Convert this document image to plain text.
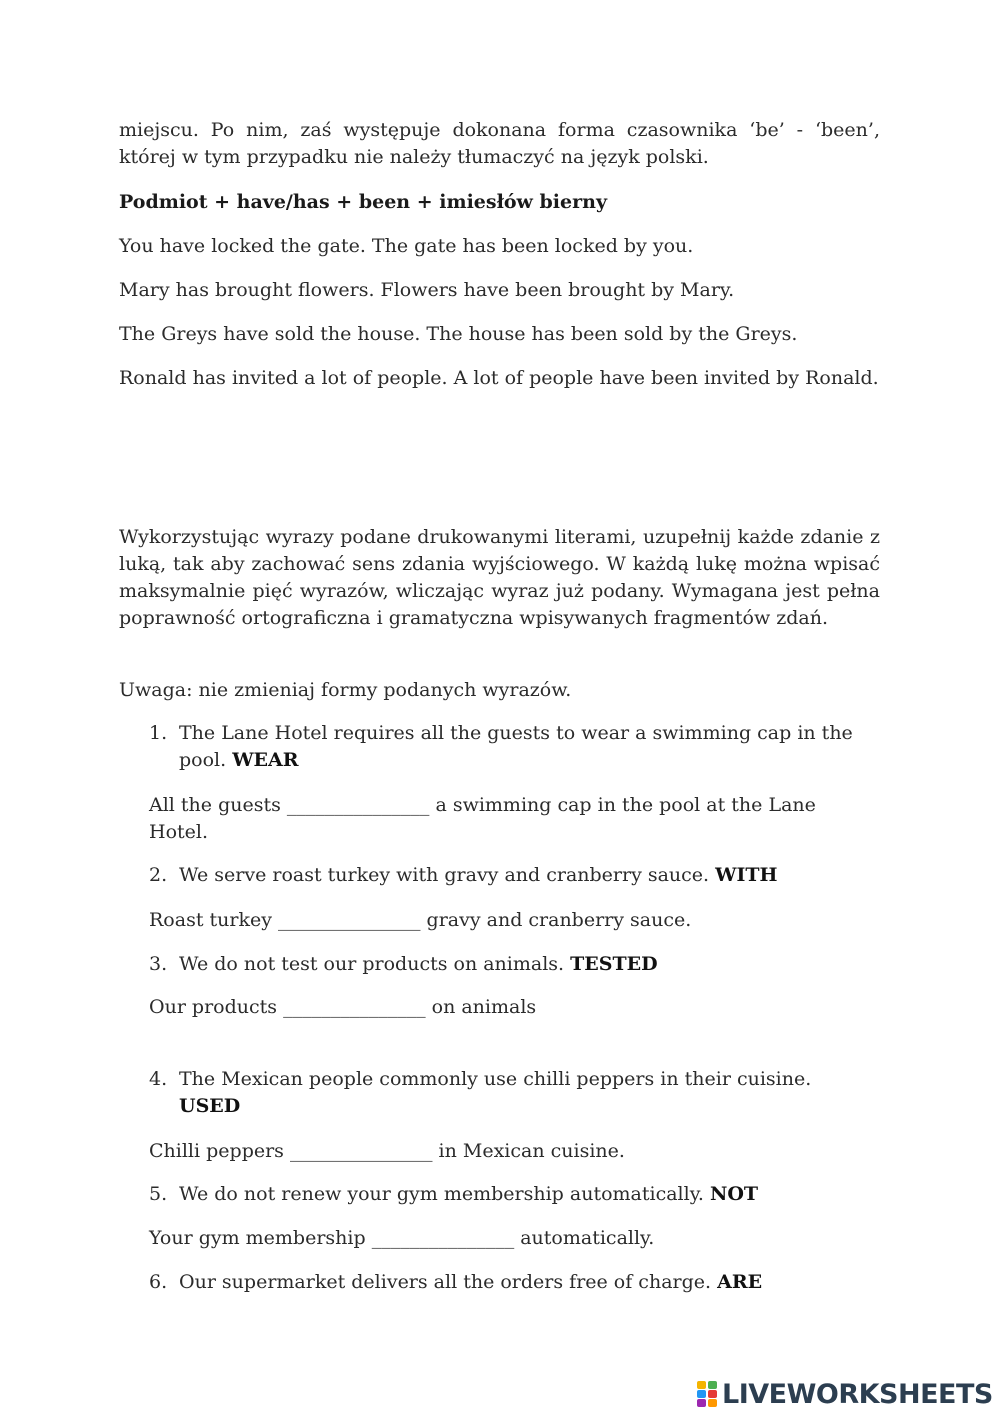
miejscu. Po nim, zaś występuje dokonana forma czasownika ‘be’ - ‘been’, której w tym przypadku nie należy tłumaczyć na język polski.

Podmiot + have/has + been + imiesłów bierny

You have locked the gate. The gate has been locked by you.

Mary has brought flowers. Flowers have been brought by Mary.

The Greys have sold the house. The house has been sold by the Greys.

Ronald has invited a lot of people. A lot of people have been invited by Ronald.

Wykorzystując wyrazy podane drukowanymi literami, uzupełnij każde zdanie z luką, tak aby zachować sens zdania wyjściowego. W każdą lukę można wpisać maksymalnie pięć wyrazów, wliczając wyraz już podany. Wymagana jest pełna poprawność ortograficzna i gramatyczna wpisywanych fragmentów zdań.

Uwaga: nie zmieniaj formy podanych wyrazów.

1. The Lane Hotel requires all the guests to wear a swimming cap in the pool. WEAR

All the guests _______________ a swimming cap in the pool at the Lane Hotel.

2. We serve roast turkey with gravy and cranberry sauce. WITH

Roast turkey _______________ gravy and cranberry sauce.

3. We do not test our products on animals. TESTED

Our products _______________ on animals

4. The Mexican people commonly use chilli peppers in their cuisine.
USED

Chilli peppers _______________ in Mexican cuisine.

5. We do not renew your gym membership automatically. NOT

Your gym membership _______________ automatically.

6. Our supermarket delivers all the orders free of charge. ARE
LIVEWORKSHEETS
